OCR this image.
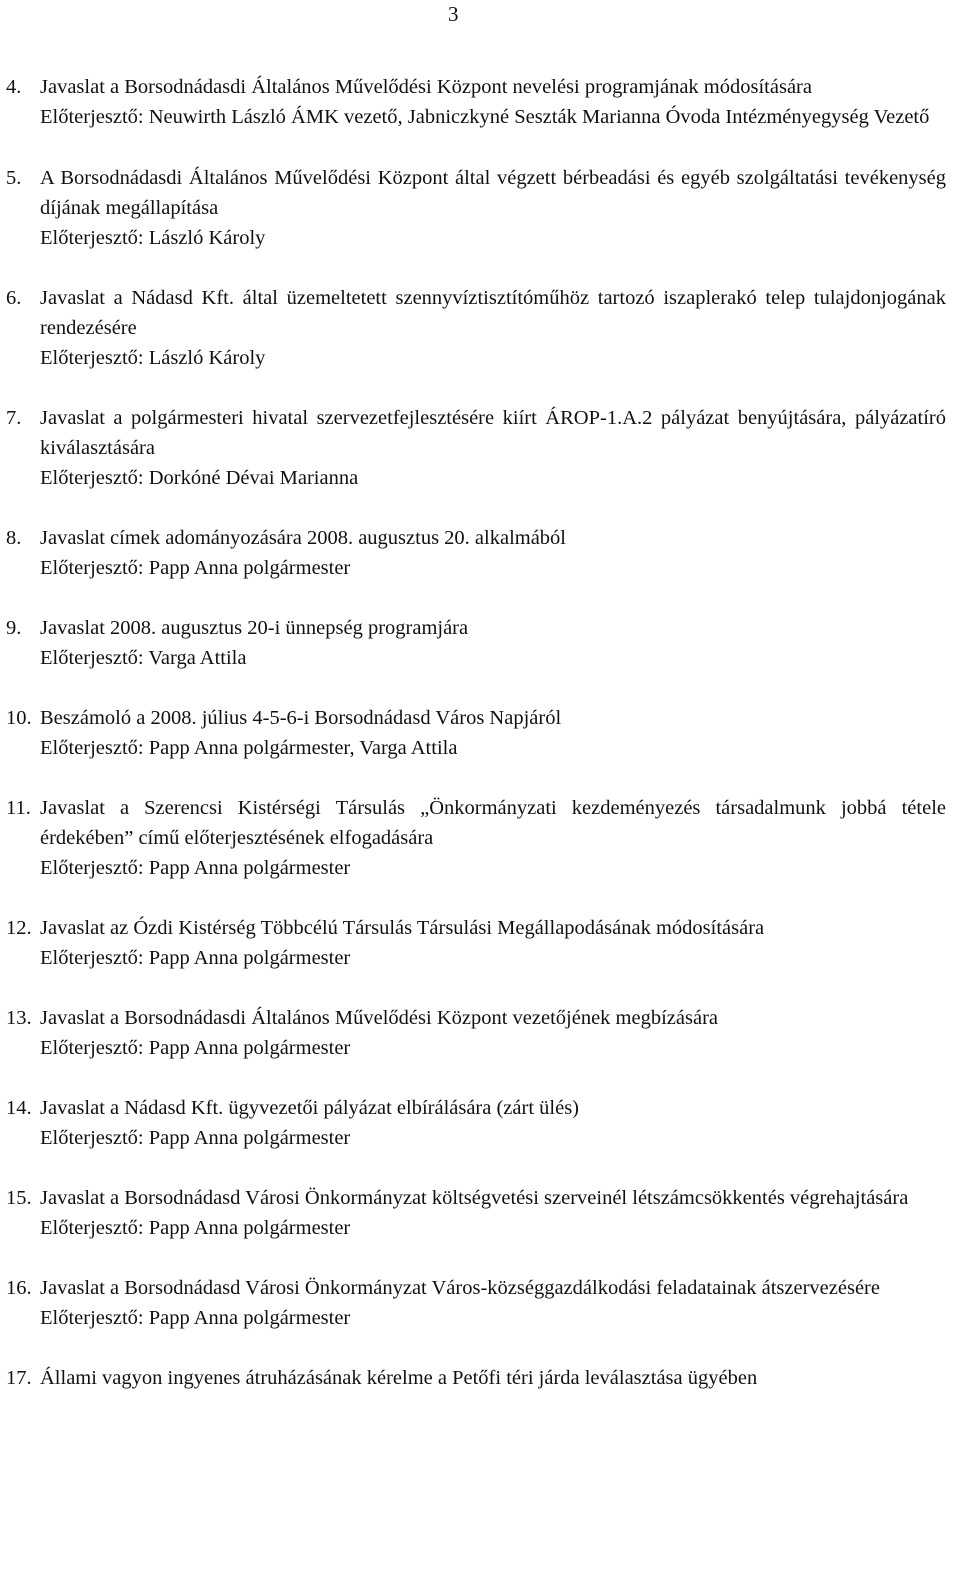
3
4. Javaslat a Borsodnádasdi Általános Művelődési Központ nevelési programjának módosítására
Előterjesztő: Neuwirth László ÁMK vezető, Jabniczkyné Seszták Marianna Óvoda Intézményegység Vezető
5. A Borsodnádasdi Általános Művelődési Központ által végzett bérbeadási és egyéb szolgáltatási tevékenység díjának megállapítása
Előterjesztő: László Károly
6. Javaslat a Nádasd Kft. által üzemeltetett szennyvíztisztítóműhöz tartozó iszaplerakó telep tulajdonjogának rendezésére
Előterjesztő: László Károly
7. Javaslat a polgármesteri hivatal szervezetfejlesztésére kiírt ÁROP-1.A.2 pályázat benyújtására, pályázatíró kiválasztására
Előterjesztő: Dorkóné Dévai Marianna
8. Javaslat címek adományozására 2008. augusztus 20. alkalmából
Előterjesztő: Papp Anna polgármester
9. Javaslat 2008. augusztus 20-i ünnepség programjára
Előterjesztő: Varga Attila
10. Beszámoló a 2008. július 4-5-6-i Borsodnádasd Város Napjáról
Előterjesztő: Papp Anna polgármester, Varga Attila
11. Javaslat a Szerencsi Kistérségi Társulás „Önkormányzati kezdeményezés társadalmunk jobbá tétele érdekében” című előterjesztésének elfogadására
Előterjesztő: Papp Anna polgármester
12. Javaslat az Ózdi Kistérség Többcélú Társulás Társulási Megállapodásának módosítására
Előterjesztő: Papp Anna polgármester
13. Javaslat a Borsodnádasdi Általános Művelődési Központ vezetőjének megbízására
Előterjesztő: Papp Anna polgármester
14. Javaslat a Nádasd Kft. ügyvezetői pályázat elbírálására (zárt ülés)
Előterjesztő: Papp Anna polgármester
15. Javaslat a Borsodnádasd Városi Önkormányzat költségvetési szerveinél létszámcsökkentés végrehajtására
Előterjesztő: Papp Anna polgármester
16. Javaslat a Borsodnádasd Városi Önkormányzat Város-községgazdálkodási feladatainak átszervezésére
Előterjesztő: Papp Anna polgármester
17. Állami vagyon ingyenes átruházásának kérelme a Petőfi téri járda leválasztása ügyében
